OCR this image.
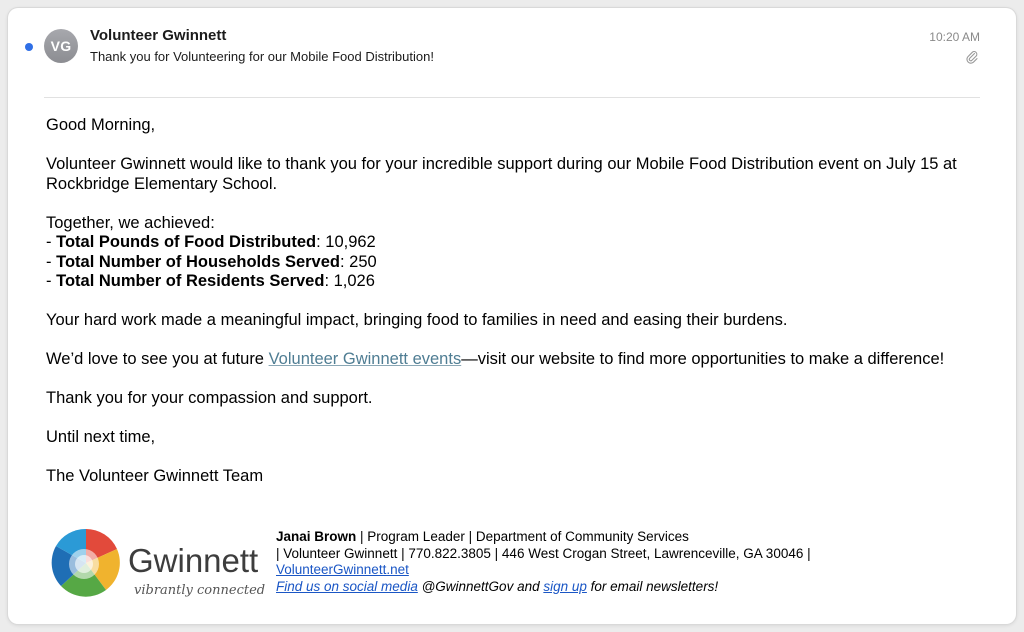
VG
Volunteer Gwinnett
Thank you for Volunteering for our Mobile Food Distribution!
10:20 AM

Good Morning,

Volunteer Gwinnett would like to thank you for your incredible support during our Mobile Food Distribution event on July 15 at Rockbridge Elementary School.

Together, we achieved:
- Total Pounds of Food Distributed: 10,962
- Total Number of Households Served: 250
- Total Number of Residents Served: 1,026

Your hard work made a meaningful impact, bringing food to families in need and easing their burdens.

We’d love to see you at future Volunteer Gwinnett events—visit our website to find more opportunities to make a difference!

Thank you for your compassion and support.

Until next time,

The Volunteer Gwinnett Team

Gwinnett
vibrantly connected
Janai Brown | Program Leader | Department of Community Services
| Volunteer Gwinnett | 770.822.3805 | 446 West Crogan Street, Lawrenceville, GA 30046 |
VolunteerGwinnett.net
Find us on social media @GwinnettGov and sign up for email newsletters!
